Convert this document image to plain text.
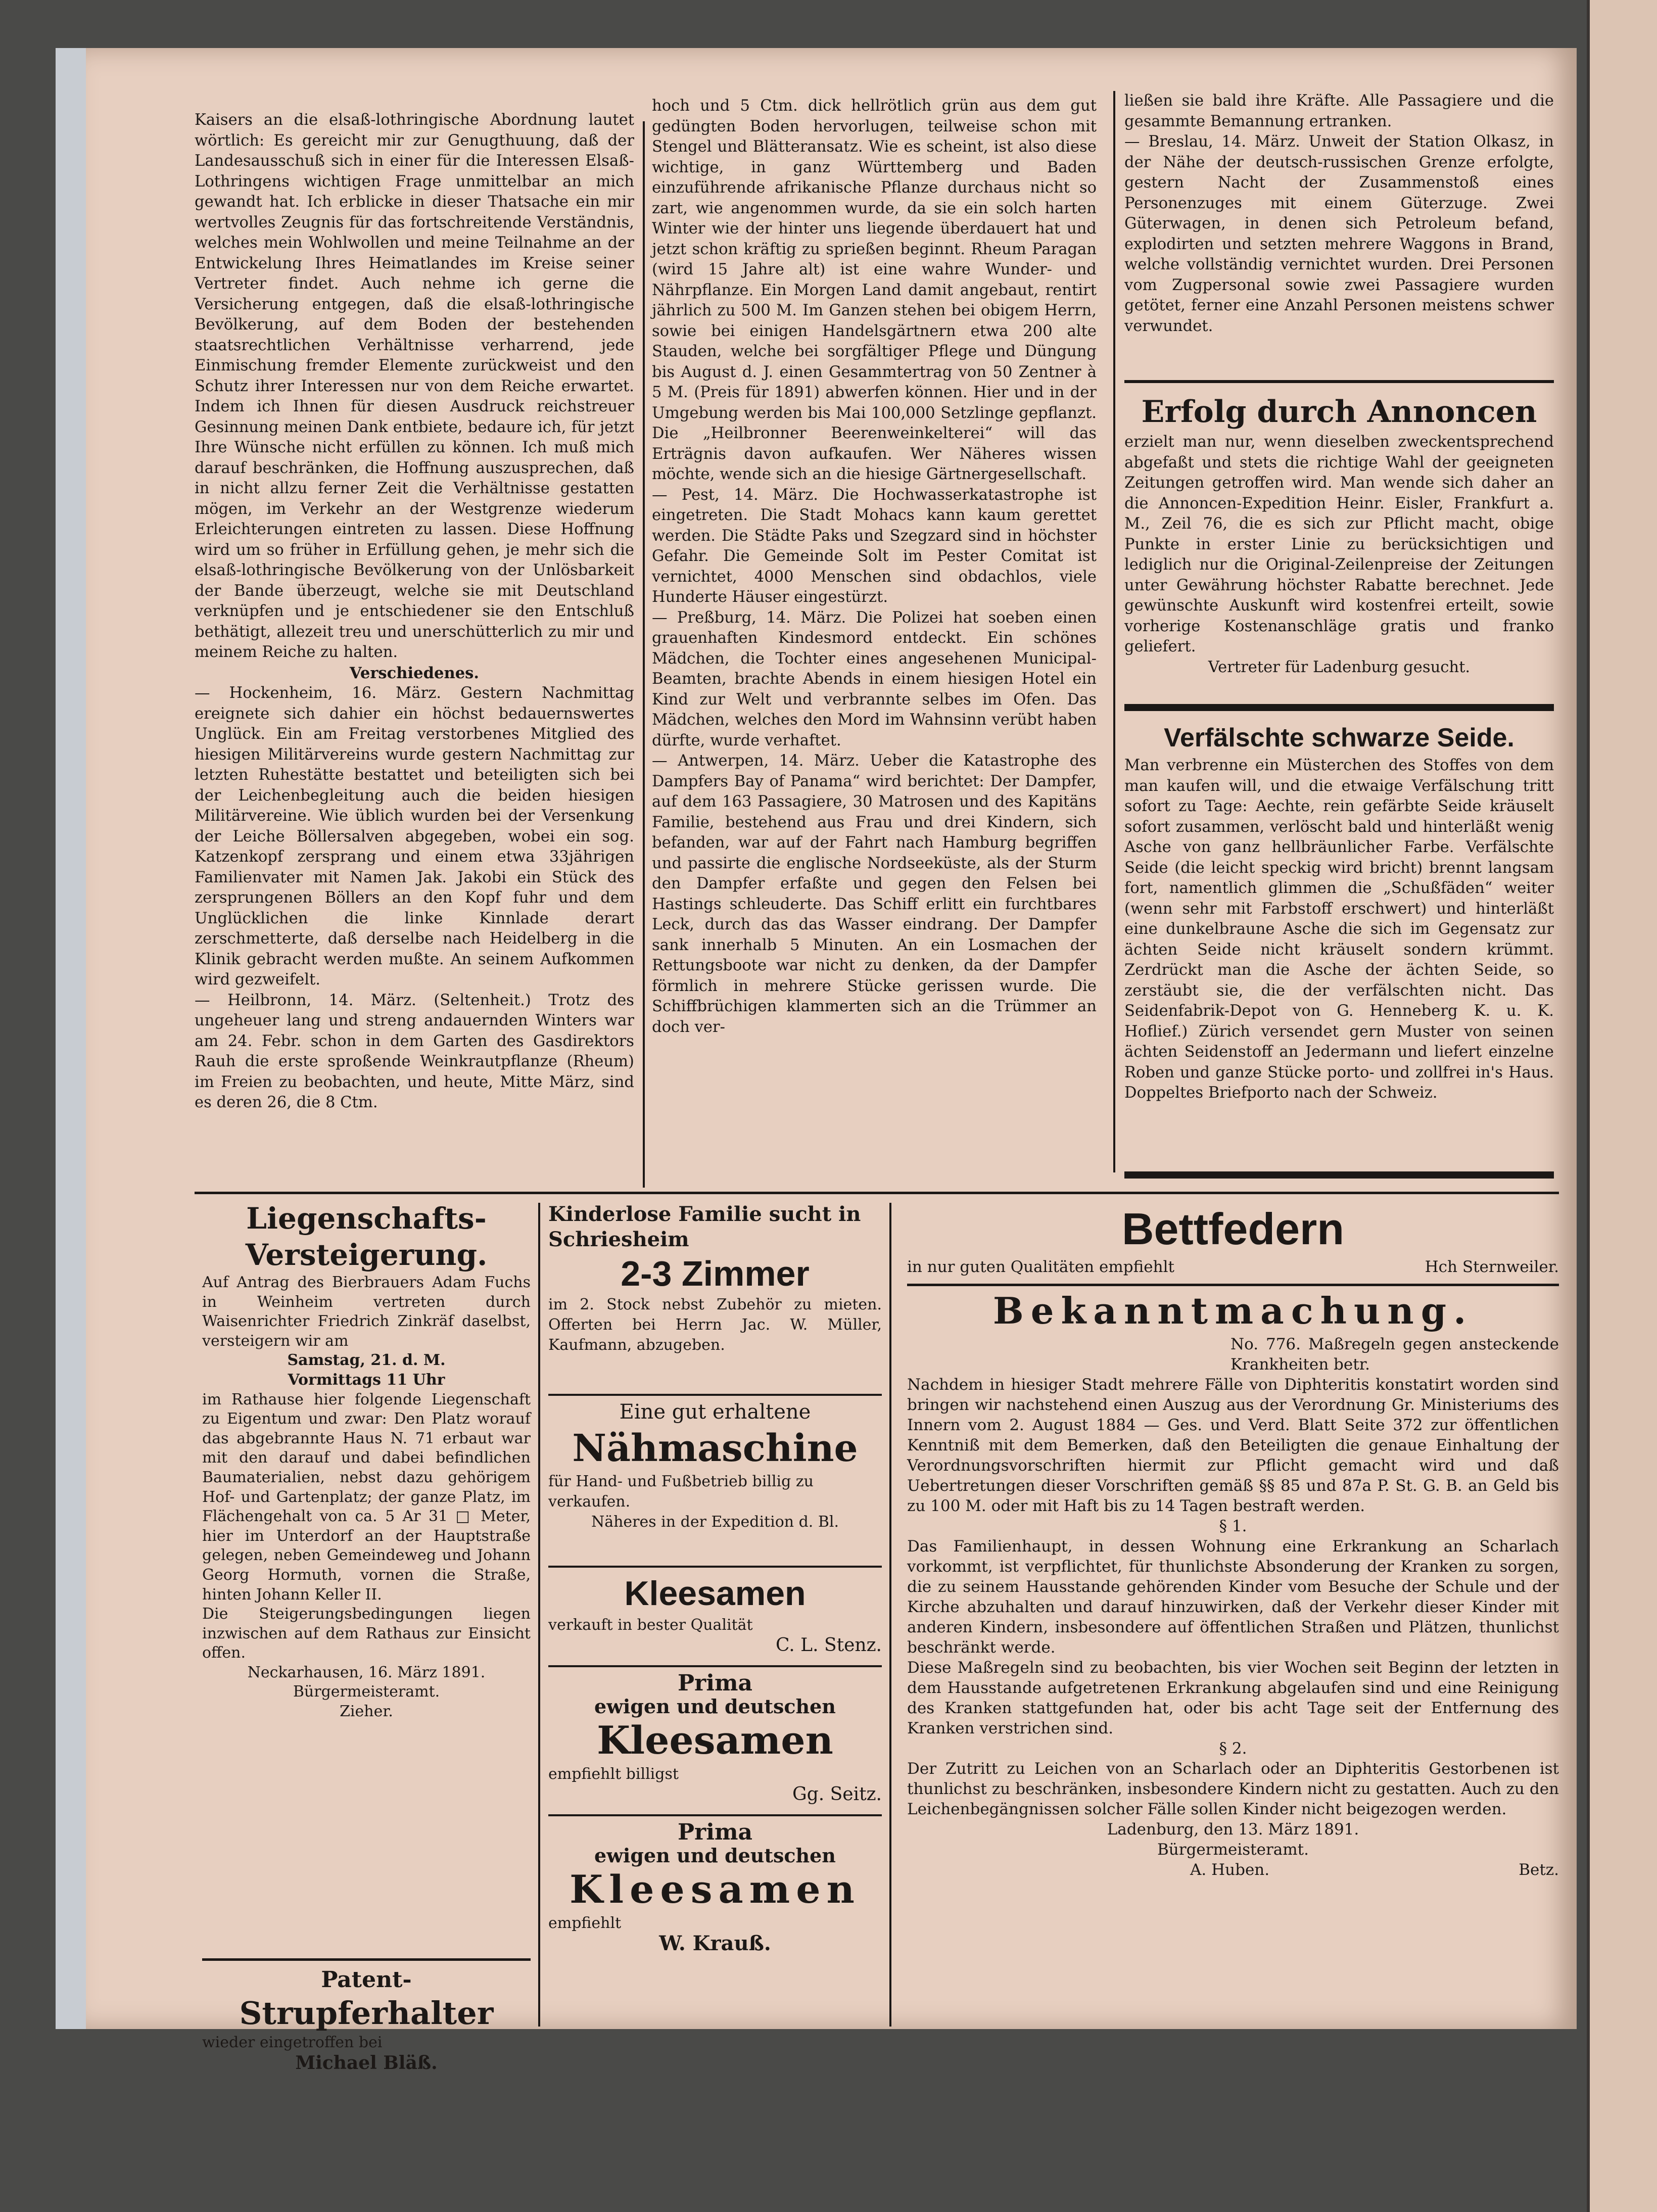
Kaisers an die elsaß-lothringische Abordnung lautet wörtlich: Es gereicht mir zur Genugthuung, daß der Landesausschuß sich in einer für die Interessen Elsaß-Lothringens wichtigen Frage unmittelbar an mich gewandt hat. Ich erblicke in dieser Thatsache ein mir wertvolles Zeugnis für das fortschreitende Verständnis, welches mein Wohlwollen und meine Teilnahme an der Entwickelung Ihres Heimatlandes im Kreise seiner Vertreter findet. Auch nehme ich gerne die Versicherung entgegen, daß die elsaß-lothringische Bevölkerung, auf dem Boden der bestehenden staatsrechtlichen Verhältnisse verharrend, jede Einmischung fremder Elemente zurückweist und den Schutz ihrer Interessen nur von dem Reiche erwartet. Indem ich Ihnen für diesen Ausdruck reichstreuer Gesinnung meinen Dank entbiete, bedaure ich, für jetzt Ihre Wünsche nicht erfüllen zu können. Ich muß mich darauf beschränken, die Hoffnung auszusprechen, daß in nicht allzu ferner Zeit die Verhältnisse gestatten mögen, im Verkehr an der Westgrenze wiederum Erleichterungen eintreten zu lassen. Diese Hoffnung wird um so früher in Erfüllung gehen, je mehr sich die elsaß-lothringische Bevölkerung von der Unlösbarkeit der Bande überzeugt, welche sie mit Deutschland verknüpfen und je entschiedener sie den Entschluß bethätigt, allezeit treu und unerschütterlich zu mir und meinem Reiche zu halten.

Verschiedenes.

— Hockenheim, 16. März. Gestern Nachmittag ereignete sich dahier ein höchst bedauernswertes Unglück. Ein am Freitag verstorbenes Mitglied des hiesigen Militärvereins wurde gestern Nachmittag zur letzten Ruhestätte bestattet und beteiligten sich bei der Leichenbegleitung auch die beiden hiesigen Militärvereine. Wie üblich wurden bei der Versenkung der Leiche Böllersalven abgegeben, wobei ein sog. Katzenkopf zersprang und einem etwa 33jährigen Familienvater mit Namen Jak. Jakobi ein Stück des zersprungenen Böllers an den Kopf fuhr und dem Unglücklichen die linke Kinnlade derart zerschmetterte, daß derselbe nach Heidelberg in die Klinik gebracht werden mußte. An seinem Aufkommen wird gezweifelt.

— Heilbronn, 14. März. (Seltenheit.) Trotz des ungeheuer lang und streng andauernden Winters war am 24. Febr. schon in dem Garten des Gasdirektors Rauh die erste sproßende Weinkrautpflanze (Rheum) im Freien zu beobachten, und heute, Mitte März, sind es deren 26, die 8 Ctm.

hoch und 5 Ctm. dick hellrötlich grün aus dem gut gedüngten Boden hervorlugen, teilweise schon mit Stengel und Blätteransatz. Wie es scheint, ist also diese wichtige, in ganz Württemberg und Baden einzuführende afrikanische Pflanze durchaus nicht so zart, wie angenommen wurde, da sie ein solch harten Winter wie der hinter uns liegende überdauert hat und jetzt schon kräftig zu sprießen beginnt. Rheum Paragan (wird 15 Jahre alt) ist eine wahre Wunder- und Nährpflanze. Ein Morgen Land damit angebaut, rentirt jährlich zu 500 M. Im Ganzen stehen bei obigem Herrn, sowie bei einigen Handelsgärtnern etwa 200 alte Stauden, welche bei sorgfältiger Pflege und Düngung bis August d. J. einen Gesammtertrag von 50 Zentner à 5 M. (Preis für 1891) abwerfen können. Hier und in der Umgebung werden bis Mai 100,000 Setzlinge gepflanzt. Die „Heilbronner Beerenweinkelterei“ will das Erträgnis davon aufkaufen. Wer Näheres wissen möchte, wende sich an die hiesige Gärtnergesellschaft.

— Pest, 14. März. Die Hochwasserkatastrophe ist eingetreten. Die Stadt Mohacs kann kaum gerettet werden. Die Städte Paks und Szegzard sind in höchster Gefahr. Die Gemeinde Solt im Pester Comitat ist vernichtet, 4000 Menschen sind obdachlos, viele Hunderte Häuser eingestürzt.

— Preßburg, 14. März. Die Polizei hat soeben einen grauenhaften Kindesmord entdeckt. Ein schönes Mädchen, die Tochter eines angesehenen Municipal-Beamten, brachte Abends in einem hiesigen Hotel ein Kind zur Welt und verbrannte selbes im Ofen. Das Mädchen, welches den Mord im Wahnsinn verübt haben dürfte, wurde verhaftet.

— Antwerpen, 14. März. Ueber die Katastrophe des Dampfers Bay of Panama“ wird berichtet: Der Dampfer, auf dem 163 Passagiere, 30 Matrosen und des Kapitäns Familie, bestehend aus Frau und drei Kindern, sich befanden, war auf der Fahrt nach Hamburg begriffen und passirte die englische Nordseeküste, als der Sturm den Dampfer erfaßte und gegen den Felsen bei Hastings schleuderte. Das Schiff erlitt ein furchtbares Leck, durch das das Wasser eindrang. Der Dampfer sank innerhalb 5 Minuten. An ein Losmachen der Rettungsboote war nicht zu denken, da der Dampfer förmlich in mehrere Stücke gerissen wurde. Die Schiffbrüchigen klammerten sich an die Trümmer an doch ver-

ließen sie bald ihre Kräfte. Alle Passagiere und die gesammte Bemannung ertranken.

— Breslau, 14. März. Unweit der Station Olkasz, in der Nähe der deutsch-russischen Grenze erfolgte, gestern Nacht der Zusammenstoß eines Personenzuges mit einem Güterzuge. Zwei Güterwagen, in denen sich Petroleum befand, explodirten und setzten mehrere Waggons in Brand, welche vollständig vernichtet wurden. Drei Personen vom Zugpersonal sowie zwei Passagiere wurden getötet, ferner eine Anzahl Personen meistens schwer verwundet.

Erfolg durch Annoncen

erzielt man nur, wenn dieselben zweckentsprechend abgefaßt und stets die richtige Wahl der geeigneten Zeitungen getroffen wird. Man wende sich daher an die Annoncen-Expedition Heinr. Eisler, Frankfurt a. M., Zeil 76, die es sich zur Pflicht macht, obige Punkte in erster Linie zu berücksichtigen und lediglich nur die Original-Zeilenpreise der Zeitungen unter Gewährung höchster Rabatte berechnet. Jede gewünschte Auskunft wird kostenfrei erteilt, sowie vorherige Kostenanschläge gratis und franko geliefert.

Vertreter für Ladenburg gesucht.

Verfälschte schwarze Seide.

Man verbrenne ein Müsterchen des Stoffes von dem man kaufen will, und die etwaige Verfälschung tritt sofort zu Tage: Aechte, rein gefärbte Seide kräuselt sofort zusammen, verlöscht bald und hinterläßt wenig Asche von ganz hellbräunlicher Farbe. Verfälschte Seide (die leicht speckig wird bricht) brennt langsam fort, namentlich glimmen die „Schußfäden“ weiter (wenn sehr mit Farbstoff erschwert) und hinterläßt eine dunkelbraune Asche die sich im Gegensatz zur ächten Seide nicht kräuselt sondern krümmt. Zerdrückt man die Asche der ächten Seide, so zerstäubt sie, die der verfälschten nicht. Das Seidenfabrik-Depot von G. Henneberg K. u. K. Hoflief.) Zürich versendet gern Muster von seinen ächten Seidenstoff an Jedermann und liefert einzelne Roben und ganze Stücke porto- und zollfrei in's Haus. Doppeltes Briefporto nach der Schweiz.

Liegenschafts-
Versteigerung.
Auf Antrag des Bierbrauers Adam Fuchs in Weinheim vertreten durch Waisenrichter Friedrich Zinkräf daselbst, versteigern wir am
Samstag, 21. d. M.
Vormittags 11 Uhr
im Rathause hier folgende Liegenschaft zu Eigentum und zwar: Den Platz worauf das abgebrannte Haus N. 71 erbaut war mit den darauf und dabei befindlichen Baumaterialien, nebst dazu gehörigem Hof- und Gartenplatz; der ganze Platz, im Flächengehalt von ca. 5 Ar 31 □ Meter, hier im Unterdorf an der Hauptstraße gelegen, neben Gemeindeweg und Johann Georg Hormuth, vornen die Straße, hinten Johann Keller II.
Die Steigerungsbedingungen liegen inzwischen auf dem Rathaus zur Einsicht offen.
Neckarhausen, 16. März 1891.
Bürgermeisteramt.
Zieher.
Patent-
Strupferhalter
wieder eingetroffen bei
Michael Bläß.
Kinderlose Familie sucht in
Schriesheim
2-3 Zimmer
im 2. Stock nebst Zubehör zu mieten. Offerten bei Herrn Jac. W. Müller, Kaufmann, abzugeben.
Eine gut erhaltene
Nähmaschine
für Hand- und Fußbetrieb billig zu verkaufen.
Näheres in der Expedition d. Bl.
Kleesamen
verkauft in bester Qualität
C. L. Stenz.
Prima
ewigen und deutschen
Kleesamen
empfiehlt billigst
Gg. Seitz.
Prima
ewigen und deutschen
Kleesamen
empfiehlt
W. Krauß.
Bettfedern
in nur guten Qualitäten empfiehlt	Hch Sternweiler.

Bekanntmachung.

No. 776. Maßregeln gegen ansteckende Krankheiten betr.

Nachdem in hiesiger Stadt mehrere Fälle von Diphteritis konstatirt worden sind bringen wir nachstehend einen Auszug aus der Verordnung Gr. Ministeriums des Innern vom 2. August 1884 — Ges. und Verd. Blatt Seite 372 zur öffentlichen Kenntniß mit dem Bemerken, daß den Beteiligten die genaue Einhaltung der Verordnungsvorschriften hiermit zur Pflicht gemacht wird und daß Uebertretungen dieser Vorschriften gemäß §§ 85 und 87a P. St. G. B. an Geld bis zu 100 M. oder mit Haft bis zu 14 Tagen bestraft werden.

§ 1.

Das Familienhaupt, in dessen Wohnung eine Erkrankung an Scharlach vorkommt, ist verpflichtet, für thunlichste Absonderung der Kranken zu sorgen, die zu seinem Hausstande gehörenden Kinder vom Besuche der Schule und der Kirche abzuhalten und darauf hinzuwirken, daß der Verkehr dieser Kinder mit anderen Kindern, insbesondere auf öffentlichen Straßen und Plätzen, thunlichst beschränkt werde.

Diese Maßregeln sind zu beobachten, bis vier Wochen seit Beginn der letzten in dem Hausstande aufgetretenen Erkrankung abgelaufen sind und eine Reinigung des Kranken stattgefunden hat, oder bis acht Tage seit der Entfernung des Kranken verstrichen sind.

§ 2.

Der Zutritt zu Leichen von an Scharlach oder an Diphteritis Gestorbenen ist thunlichst zu beschränken, insbesondere Kindern nicht zu gestatten. Auch zu den Leichenbegängnissen solcher Fälle sollen Kinder nicht beigezogen werden.

Ladenburg, den 13. März 1891.

Bürgermeisteramt.

A. Huben.	Betz.
